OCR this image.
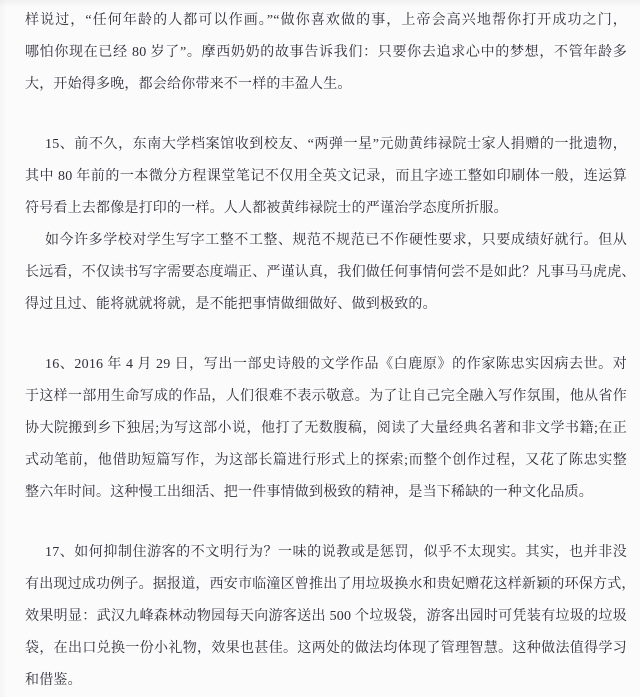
样说过，“任何年龄的人都可以作画。”“做你喜欢做的事，上帝会高兴地帮你打开成功之门，
哪怕你现在已经 80 岁了”。摩西奶奶的故事告诉我们：只要你去追求心中的梦想，不管年龄多
大，开始得多晚，都会给你带来不一样的丰盈人生。
15、前不久，东南大学档案馆收到校友、“两弹一星”元勋黄纬禄院士家人捐赠的一批遗物，
其中 80 年前的一本微分方程课堂笔记不仅用全英文记录，而且字迹工整如印刷体一般，连运算
符号看上去都像是打印的一样。人人都被黄纬禄院士的严谨治学态度所折服。
如今许多学校对学生写字工整不工整、规范不规范已不作硬性要求，只要成绩好就行。但从
长远看，不仅读书写字需要态度端正、严谨认真，我们做任何事情何尝不是如此？凡事马马虎虎、
得过且过、能将就就将就，是不能把事情做细做好、做到极致的。
16、2016 年 4 月 29 日，写出一部史诗般的文学作品《白鹿原》的作家陈忠实因病去世。对
于这样一部用生命写成的作品，人们很难不表示敬意。为了让自己完全融入写作氛围，他从省作
协大院搬到乡下独居;为写这部小说，他打了无数腹稿，阅读了大量经典名著和非文学书籍;在正
式动笔前，他借助短篇写作，为这部长篇进行形式上的探索;而整个创作过程，又花了陈忠实整
整六年时间。这种慢工出细活、把一件事情做到极致的精神，是当下稀缺的一种文化品质。
17、如何抑制住游客的不文明行为？一味的说教或是惩罚，似乎不太现实。其实，也并非没
有出现过成功例子。据报道，西安市临潼区曾推出了用垃圾换水和贵妃赠花这样新颖的环保方式，
效果明显：武汉九峰森林动物园每天向游客送出 500 个垃圾袋，游客出园时可凭装有垃圾的垃圾
袋，在出口兑换一份小礼物，效果也甚佳。这两处的做法均体现了管理智慧。这种做法值得学习
和借鉴。
